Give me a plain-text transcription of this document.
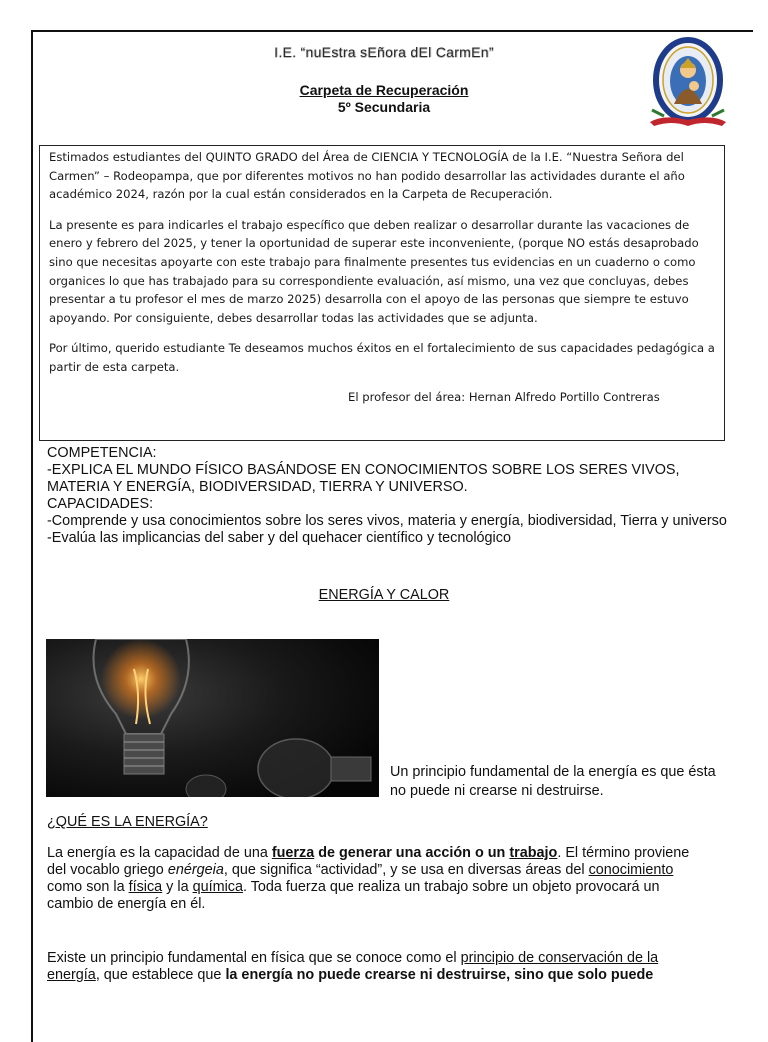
I.E. “nuEstra sEñora dEl CarmEn”
Carpeta de Recuperación
5º Secundaria

Estimados estudiantes del QUINTO GRADO del Área de CIENCIA Y TECNOLOGÍA de la I.E. “Nuestra Señora del Carmen” – Rodeopampa, que por diferentes motivos no han podido desarrollar las actividades durante el año académico 2024, razón por la cual están considerados en la Carpeta de Recuperación.

La presente es para indicarles el trabajo específico que deben realizar o desarrollar durante las vacaciones de enero y febrero del 2025, y tener la oportunidad de superar este inconveniente, (porque NO estás desaprobado sino que necesitas apoyarte con este trabajo para finalmente presentes tus evidencias en un cuaderno o como organices lo que has trabajado para su correspondiente evaluación, así mismo, una vez que concluyas, debes presentar a tu profesor el mes de marzo 2025) desarrolla con el apoyo de las personas que siempre te estuvo apoyando. Por consiguiente, debes desarrollar todas las actividades que se adjunta.

Por último, querido estudiante Te deseamos muchos éxitos en el fortalecimiento de sus capacidades pedagógica a partir de esta carpeta.

El profesor del área: Hernan Alfredo Portillo Contreras
COMPETENCIA:
-EXPLICA EL MUNDO FÍSICO BASÁNDOSE EN CONOCIMIENTOS SOBRE LOS SERES VIVOS, MATERIA Y ENERGÍA, BIODIVERSIDAD, TIERRA Y UNIVERSO.
CAPACIDADES:
-Comprende y usa conocimientos sobre los seres vivos, materia y energía, biodiversidad, Tierra y universo
-Evalúa las implicancias del saber y del quehacer científico y tecnológico
ENERGÍA Y CALOR
Un principio fundamental de la energía es que ésta no puede ni crearse ni destruirse.
¿QUÉ ES LA ENERGÍA?
La energía es la capacidad de una fuerza de generar una acción o un trabajo. El término proviene del vocablo griego enérgeia, que significa “actividad”, y se usa en diversas áreas del conocimiento como son la física y la química. Toda fuerza que realiza un trabajo sobre un objeto provocará un cambio de energía en él.
Existe un principio fundamental en física que se conoce como el principio de conservación de la energía, que establece que la energía no puede crearse ni destruirse, sino que solo puede
